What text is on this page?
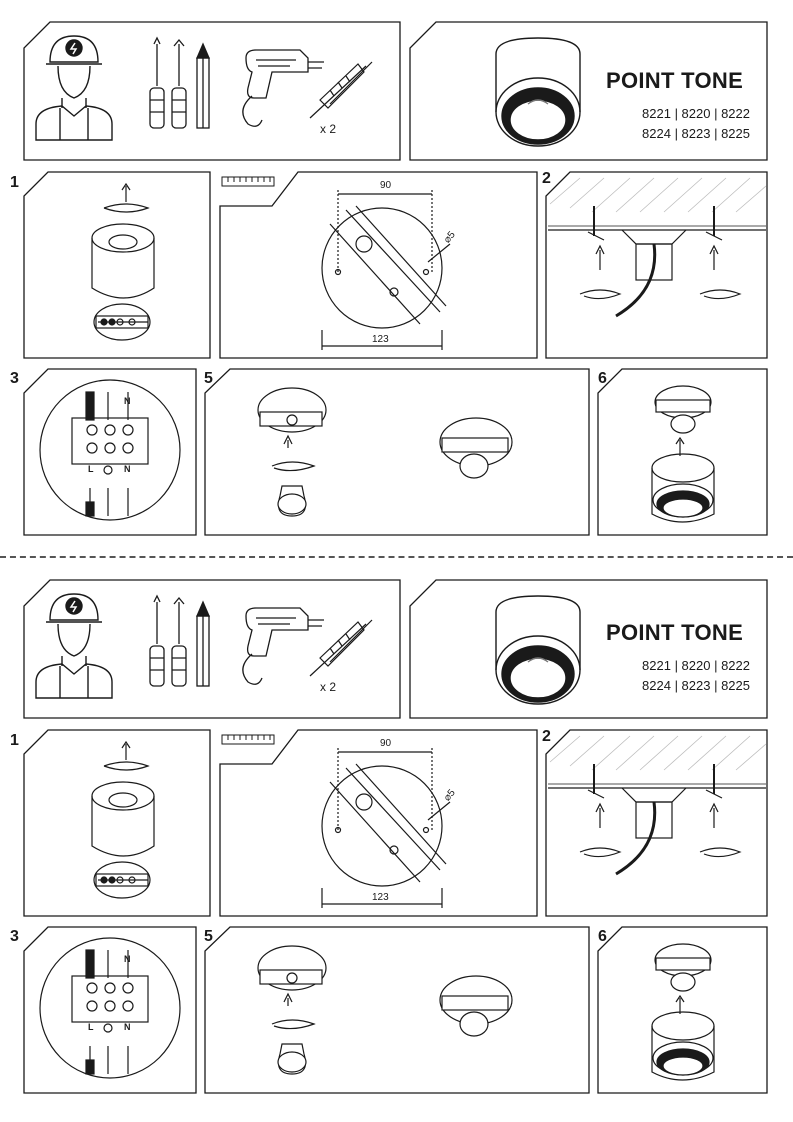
POINT TONE
8221 | 8220 | 8222
8224 | 8223 | 8225
x 2
1	2
3	5	6
90
123
⌀5
L	N
L	N
POINT TONE
8221 | 8220 | 8222
8224 | 8223 | 8225
x 2
1	2
3	5	6
90
123
⌀5
L	N
L	N
